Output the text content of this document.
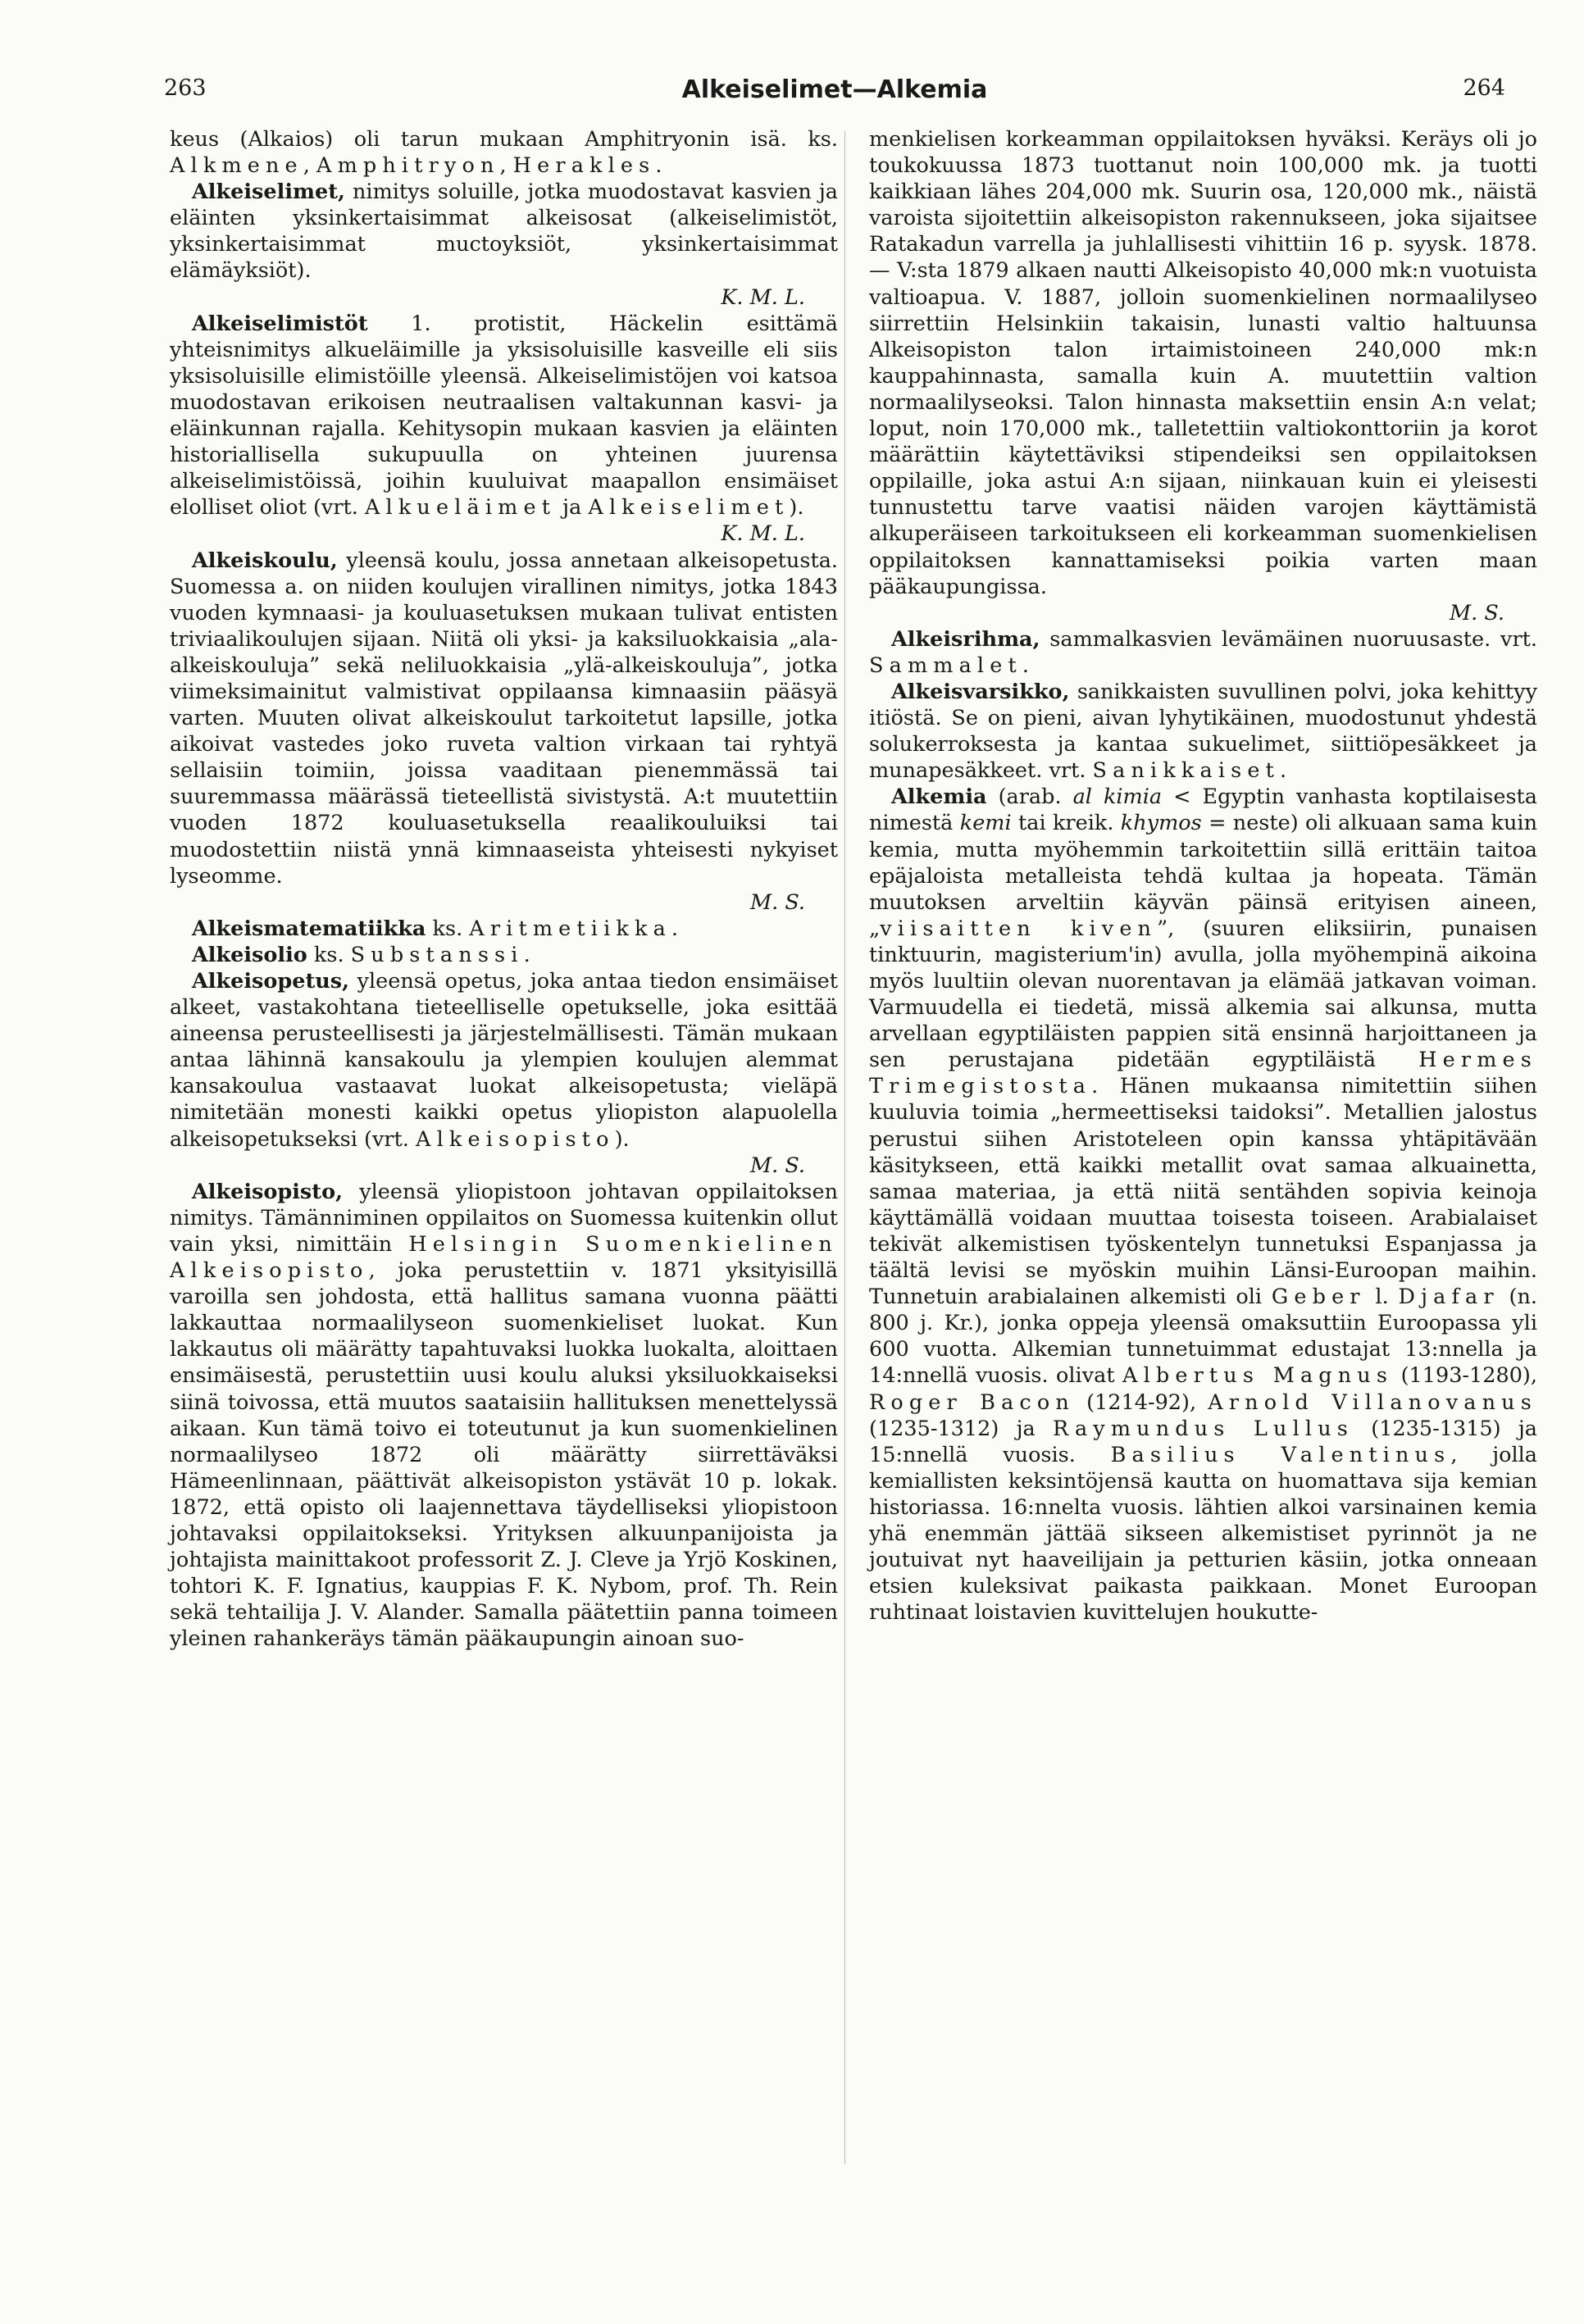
263	Alkeiselimet—Alkemia	264

keus (Alkaios) oli tarun mukaan Amphitryonin isä. ks. Alkmene, Amphitryon, Herakles.

Alkeiselimet, nimitys soluille, jotka muodostavat kasvien ja eläinten yksinkertaisimmat alkeisosat (alkeiselimistöt, yksinkertaisimmat muctoyksiöt, yksinkertaisimmat elämäyksiöt).

K. M. L.

Alkeiselimistöt 1. protistit, Häckelin esittämä yhteisnimitys alkueläimille ja yksisoluisille kasveille eli siis yksisoluisille elimistöille yleensä. Alkeiselimistöjen voi katsoa muodostavan erikoisen neutraalisen valtakunnan kasvi- ja eläinkunnan rajalla. Kehitysopin mukaan kasvien ja eläinten historiallisella sukupuulla on yhteinen juurensa alkeiselimistöissä, joihin kuuluivat maapallon ensimäiset elolliset oliot (vrt. Alkueläimet ja Alkeiselimet).

K. M. L.

Alkeiskoulu, yleensä koulu, jossa annetaan alkeisopetusta. Suomessa a. on niiden koulujen virallinen nimitys, jotka 1843 vuoden kymnaasi- ja kouluasetuksen mukaan tulivat entisten triviaalikoulujen sijaan. Niitä oli yksi- ja kaksiluokkaisia „ala-alkeiskouluja” sekä neliluokkaisia „ylä-alkeiskouluja”, jotka viimeksimainitut valmistivat oppilaansa kimnaasiin pääsyä varten. Muuten olivat alkeiskoulut tarkoitetut lapsille, jotka aikoivat vastedes joko ruveta valtion virkaan tai ryhtyä sellaisiin toimiin, joissa vaaditaan pienemmässä tai suuremmassa määrässä tieteellistä sivistystä. A:t muutettiin vuoden 1872 kouluasetuksella reaalikouluiksi tai muodostettiin niistä ynnä kimnaaseista yhteisesti nykyiset lyseommе.

M. S.

Alkeismatematiikka ks. Aritmetiikka.

Alkeisolio ks. Substanssi.

Alkeisopetus, yleensä opetus, joka antaa tiedon ensimäiset alkeet, vastakohtana tieteelliselle opetukselle, joka esittää aineensa perusteellisesti ja järjestelmällisesti. Tämän mukaan antaa lähinnä kansakoulu ja ylempien koulujen alemmat kansakoulua vastaavat luokat alkeisopetusta; vieläpä nimitetään monesti kaikki opetus yliopiston alapuolella alkeisopetukseksi (vrt. Alkeisopisto).

M. S.

Alkeisopisto, yleensä yliopistoon johtavan oppilaitoksen nimitys. Tämänniminen oppilaitos on Suomessa kuitenkin ollut vain yksi, nimittäin Helsingin Suomenkielinen Alkeisopisto, joka perustettiin v. 1871 yksityisillä varoilla sen johdosta, että hallitus samana vuonna päätti lakkauttaa normaalilyseon suomenkieliset luokat. Kun lakkautus oli määrätty tapahtuvaksi luokka luokalta, aloittaen ensimäisestä, perustettiin uusi koulu aluksi yksiluokkaiseksi siinä toivossa, että muutos saataisiin hallituksen menettelyssä aikaan. Kun tämä toivo ei toteutunut ja kun suomenkielinen normaalilyseo 1872 oli määrätty siirrettäväksi Hämeenlinnaan, päättivät alkeisopiston ystävät 10 p. lokak. 1872, että opisto oli laajennettava täydelliseksi yliopistoon johtavaksi oppilaitokseksi. Yrityksen alkuunpanijoista ja johtajista mainittakoot professorit Z. J. Cleve ja Yrjö Koskinen, tohtori K. F. Ignatius, kauppias F. K. Nybom, prof. Th. Rein sekä tehtailija J. V. Alander. Samalla päätettiin panna toimeen yleinen rahankeräys tämän pääkaupungin ainoan suo-

menkielisen korkeamman oppilaitoksen hyväksi. Keräys oli jo toukokuussa 1873 tuottanut noin 100,000 mk. ja tuotti kaikkiaan lähes 204,000 mk. Suurin osa, 120,000 mk., näistä varoista sijoitettiin alkeisopiston rakennukseen, joka sijaitsee Ratakadun varrella ja juhlallisesti vihittiin 16 p. syysk. 1878. — V:sta 1879 alkaen nautti Alkeisopisto 40,000 mk:n vuotuista valtioapua. V. 1887, jolloin suomenkielinen normaalilyseo siirrettiin Helsinkiin takaisin, lunasti valtio haltuunsa Alkeisopiston talon irtaimistoineen 240,000 mk:n kauppahinnasta, samalla kuin A. muutettiin valtion normaalilyseoksi. Talon hinnasta maksettiin ensin A:n velat; loput, noin 170,000 mk., talletettiin valtiokonttoriin ja korot määrättiin käytettäviksi stipendeiksi sen oppilaitoksen oppilaille, joka astui A:n sijaan, niinkauan kuin ei yleisesti tunnustettu tarve vaatisi näiden varojen käyttämistä alkuperäiseen tarkoitukseen eli korkeamman suomenkielisen oppilaitoksen kannattamiseksi poikia varten maan pääkaupungissa.

M. S.

Alkeisrihma, sammalkasvien levämäinen nuoruusaste. vrt. Sammalet.

Alkeisvarsikko, sanikkaisten suvullinen polvi, joka kehittyy itiöstä. Se on pieni, aivan lyhytikäinen, muodostunut yhdestä solukerroksesta ja kantaa sukuelimet, siittiöpesäkkeet ja munapesäkkeet. vrt. Sanikkaiset.

Alkemia (arab. al kimia < Egyptin vanhasta koptilaisesta nimestä kemi tai kreik. khymos = neste) oli alkuaan sama kuin kemia, mutta myöhemmin tarkoitettiin sillä erittäin taitoa epäjaloista metalleista tehdä kultaa ja hopeata. Tämän muutoksen arveltiin käyvän päinsä erityisen aineen, „viisaitten kiven”, (suuren eliksiirin, punaisen tinktuurin, magisterium'in) avulla, jolla myöhempinä aikoina myös luultiin olevan nuorentavan ja elämää jatkavan voiman. Varmuudella ei tiedetä, missä alkemia sai alkunsa, mutta arvellaan egyptiläisten pappien sitä ensinnä harjoittaneen ja sen perustajana pidetään egyptiläistä Hermes Trimegistosta. Hänen mukaansa nimitettiin siihen kuuluvia toimia „hermeettiseksi taidoksi”. Metallien jalostus perustui siihen Aristoteleen opin kanssa yhtäpitävään käsitykseen, että kaikki metallit ovat samaa alkuainetta, samaa materiaa, ja että niitä sentähden sopivia keinoja käyttämällä voidaan muuttaa toisesta toiseen. Arabialaiset tekivät alkemistisen työskentelyn tunnetuksi Espanjassa ja täältä levisi se myöskin muihin Länsi-Euroopan maihin. Tunnetuin arabialainen alkemisti oli Geber l. Djafar (n. 800 j. Kr.), jonka oppeja yleensä omaksuttiin Euroopassa yli 600 vuotta. Alkemian tunnetuimmat edustajat 13:nnella ja 14:nnellä vuosis. olivat Albertus Magnus (1193-1280), Roger Bacon (1214-92), Arnold Villanovanus (1235-1312) ja Raymundus Lullus (1235-1315) ja 15:nnellä vuosis. Basilius Valentinus, jolla kemiallisten keksintöjensä kautta on huomattava sija kemian historiassa. 16:nnelta vuosis. lähtien alkoi varsinainen kemia yhä enemmän jättää sikseen alkemistiset pyrinnöt ja ne joutuivat nyt haaveilijain ja petturien käsiin, jotka onneaan etsien kuleksivat paikasta paikkaan. Monet Euroopan ruhtinaat loistavien kuvittelujen houkutte-
